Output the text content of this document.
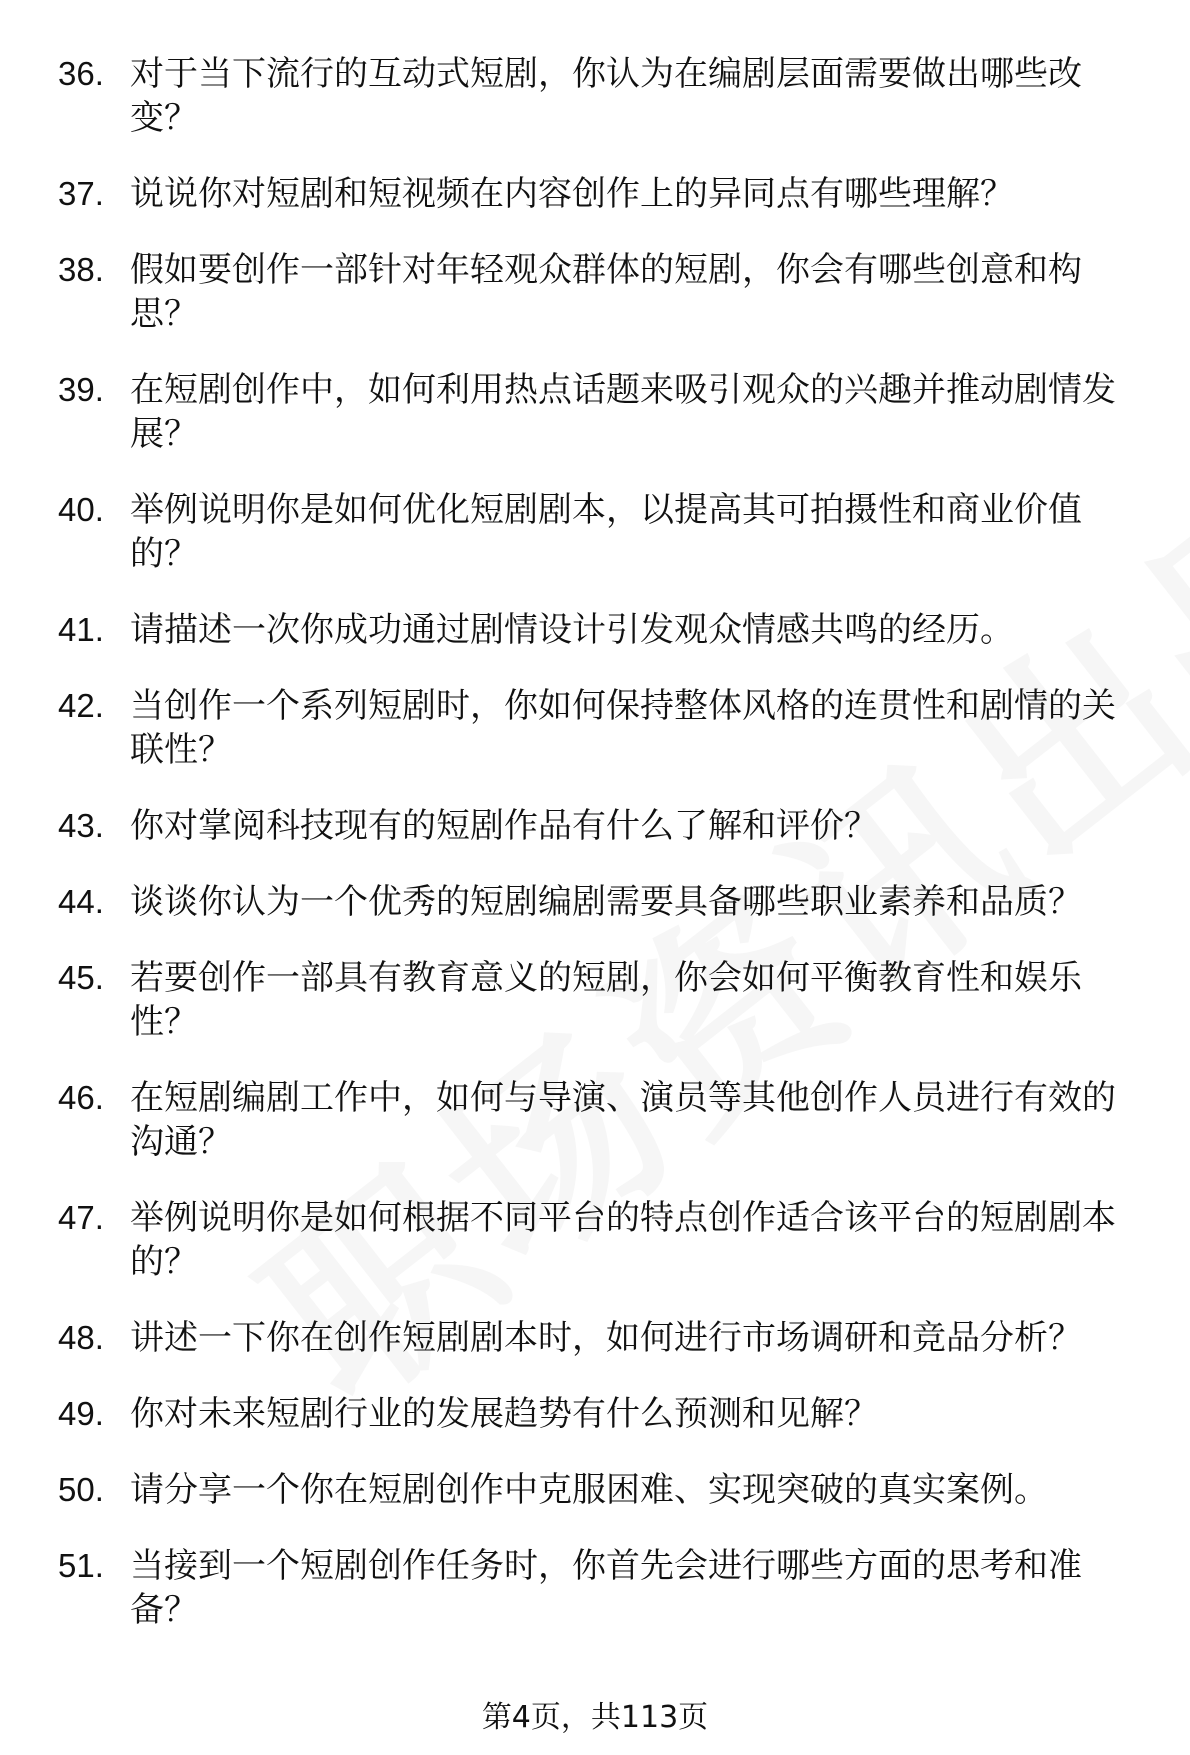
36. 对于当下流行的互动式短剧，你认为在编剧层面需要做出哪些改变？
37. 说说你对短剧和短视频在内容创作上的异同点有哪些理解？
38. 假如要创作一部针对年轻观众群体的短剧，你会有哪些创意和构思？
39. 在短剧创作中，如何利用热点话题来吸引观众的兴趣并推动剧情发展？
40. 举例说明你是如何优化短剧剧本，以提高其可拍摄性和商业价值的？
41. 请描述一次你成功通过剧情设计引发观众情感共鸣的经历。
42. 当创作一个系列短剧时，你如何保持整体风格的连贯性和剧情的关联性？
43. 你对掌阅科技现有的短剧作品有什么了解和评价？
44. 谈谈你认为一个优秀的短剧编剧需要具备哪些职业素养和品质？
45. 若要创作一部具有教育意义的短剧，你会如何平衡教育性和娱乐性？
46. 在短剧编剧工作中，如何与导演、演员等其他创作人员进行有效的沟通？
47. 举例说明你是如何根据不同平台的特点创作适合该平台的短剧剧本的？
48. 讲述一下你在创作短剧剧本时，如何进行市场调研和竞品分析？
49. 你对未来短剧行业的发展趋势有什么预测和见解？
50. 请分享一个你在短剧创作中克服困难、实现突破的真实案例。
51. 当接到一个短剧创作任务时，你首先会进行哪些方面的思考和准备？
第4页，共113页
